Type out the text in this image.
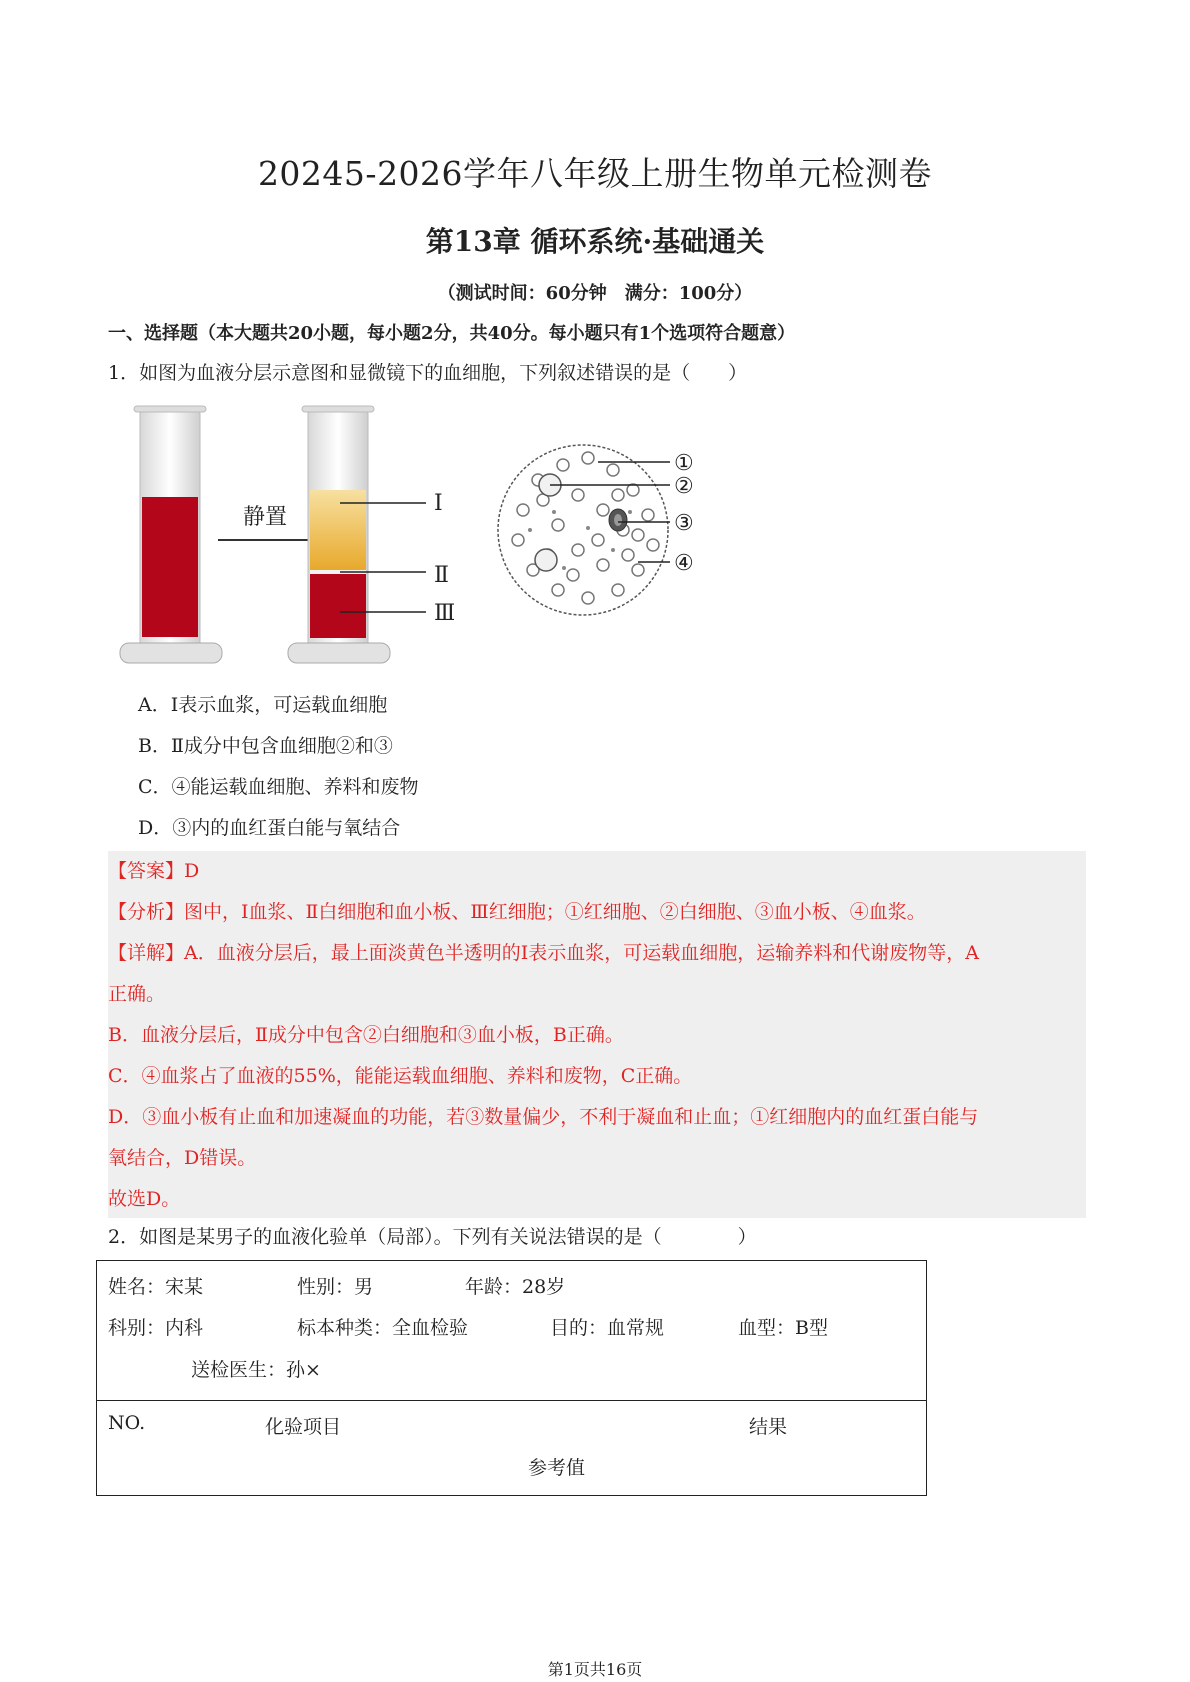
20245-2026学年八年级上册生物单元检测卷
第13章 循环系统·基础通关
（测试时间：60分钟　满分：100分）
一、选择题（本大题共20小题，每小题2分，共40分。每小题只有1个选项符合题意）
1．如图为血液分层示意图和显微镜下的血细胞，下列叙述错误的是（　　）
静置
Ⅰ
Ⅱ
Ⅲ
①
②
③
④
A．Ⅰ表示血浆，可运载血细胞
B．Ⅱ成分中包含血细胞②和③
C．④能运载血细胞、养料和废物
D．③内的血红蛋白能与氧结合
【答案】D
【分析】图中，Ⅰ血浆、Ⅱ白细胞和血小板、Ⅲ红细胞；①红细胞、②白细胞、③血小板、④血浆。
【详解】A．血液分层后，最上面淡黄色半透明的Ⅰ表示血浆，可运载血细胞，运输养料和代谢废物等，A
正确。
B．血液分层后，Ⅱ成分中包含②白细胞和③血小板，B正确。
C．④血浆占了血液的55%，能能运载血细胞、养料和废物，C正确。
D．③血小板有止血和加速凝血的功能，若③数量偏少，不利于凝血和止血；①红细胞内的血红蛋白能与
氧结合，D错误。
故选D。
2．如图是某男子的血液化验单（局部）。下列有关说法错误的是（　　　　）
姓名：宋某	性别：男	年龄：28岁
科别：内科	标本种类：全血检验	目的：血常规	血型：B型
送检医生：孙×
NO.	化验项目	结果
参考值
第1页共16页
